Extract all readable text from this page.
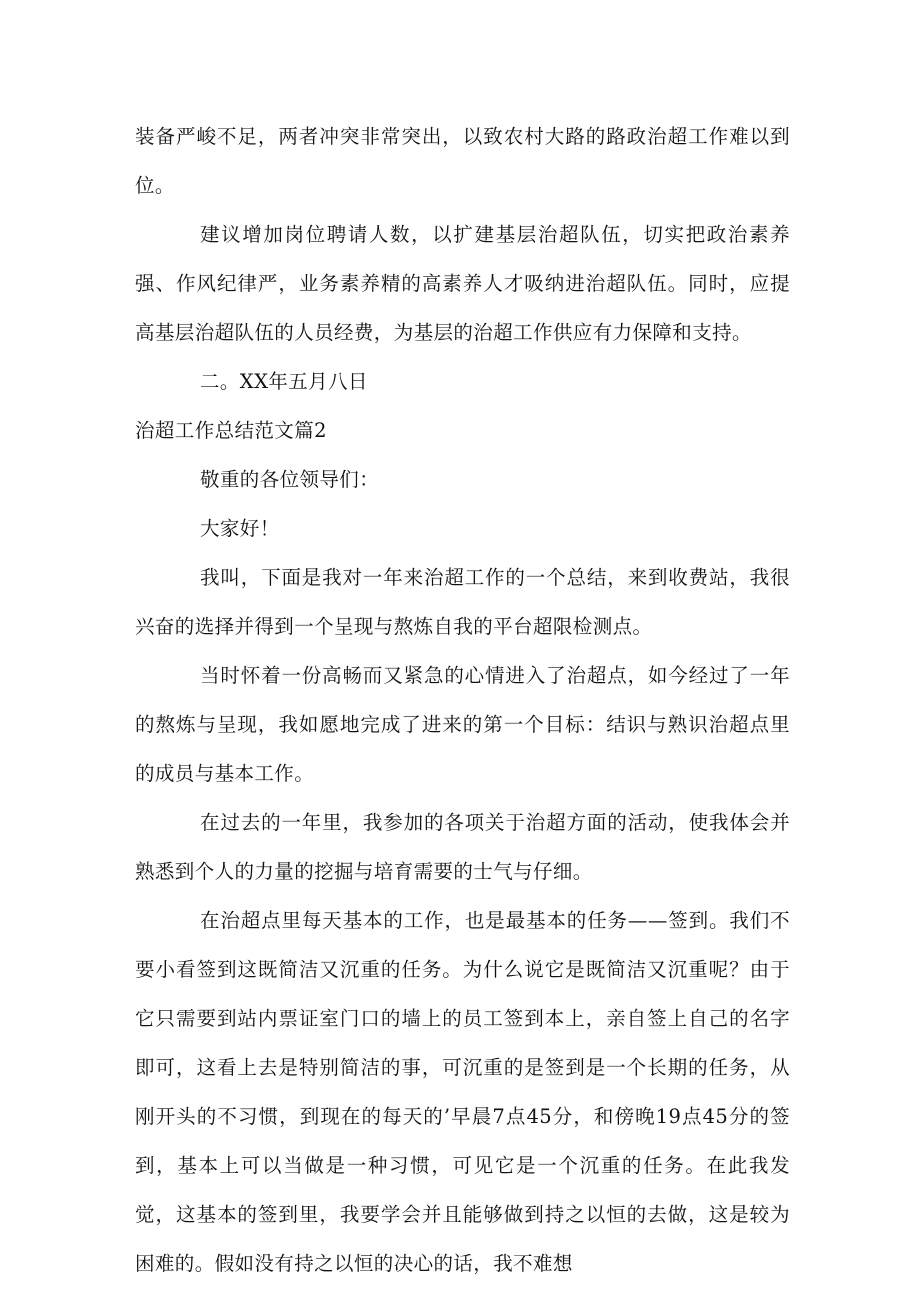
装备严峻不足，两者冲突非常突出，以致农村大路的路政治超工作难以到位。

建议增加岗位聘请人数，以扩建基层治超队伍，切实把政治素养强、作风纪律严，业务素养精的高素养人才吸纳进治超队伍。同时，应提高基层治超队伍的人员经费，为基层的治超工作供应有力保障和支持。

二。XX年五月八日

治超工作总结范文篇2

敬重的各位领导们：

大家好！

我叫，下面是我对一年来治超工作的一个总结，来到收费站，我很兴奋的选择并得到一个呈现与熬炼自我的平台超限检测点。

当时怀着一份高畅而又紧急的心情进入了治超点，如今经过了一年的熬炼与呈现，我如愿地完成了进来的第一个目标：结识与熟识治超点里的成员与基本工作。

在过去的一年里，我参加的各项关于治超方面的活动，使我体会并熟悉到个人的力量的挖掘与培育需要的士气与仔细。

在治超点里每天基本的工作，也是最基本的任务——签到。我们不要小看签到这既简洁又沉重的任务。为什么说它是既简洁又沉重呢？由于它只需要到站内票证室门口的墙上的员工签到本上，亲自签上自己的名字即可，这看上去是特别简洁的事，可沉重的是签到是一个长期的任务，从刚开头的不习惯，到现在的每天的’早晨7点45分，和傍晚19点45分的签到，基本上可以当做是一种习惯，可见它是一个沉重的任务。在此我发觉，这基本的签到里，我要学会并且能够做到持之以恒的去做，这是较为困难的。假如没有持之以恒的决心的话，我不难想
